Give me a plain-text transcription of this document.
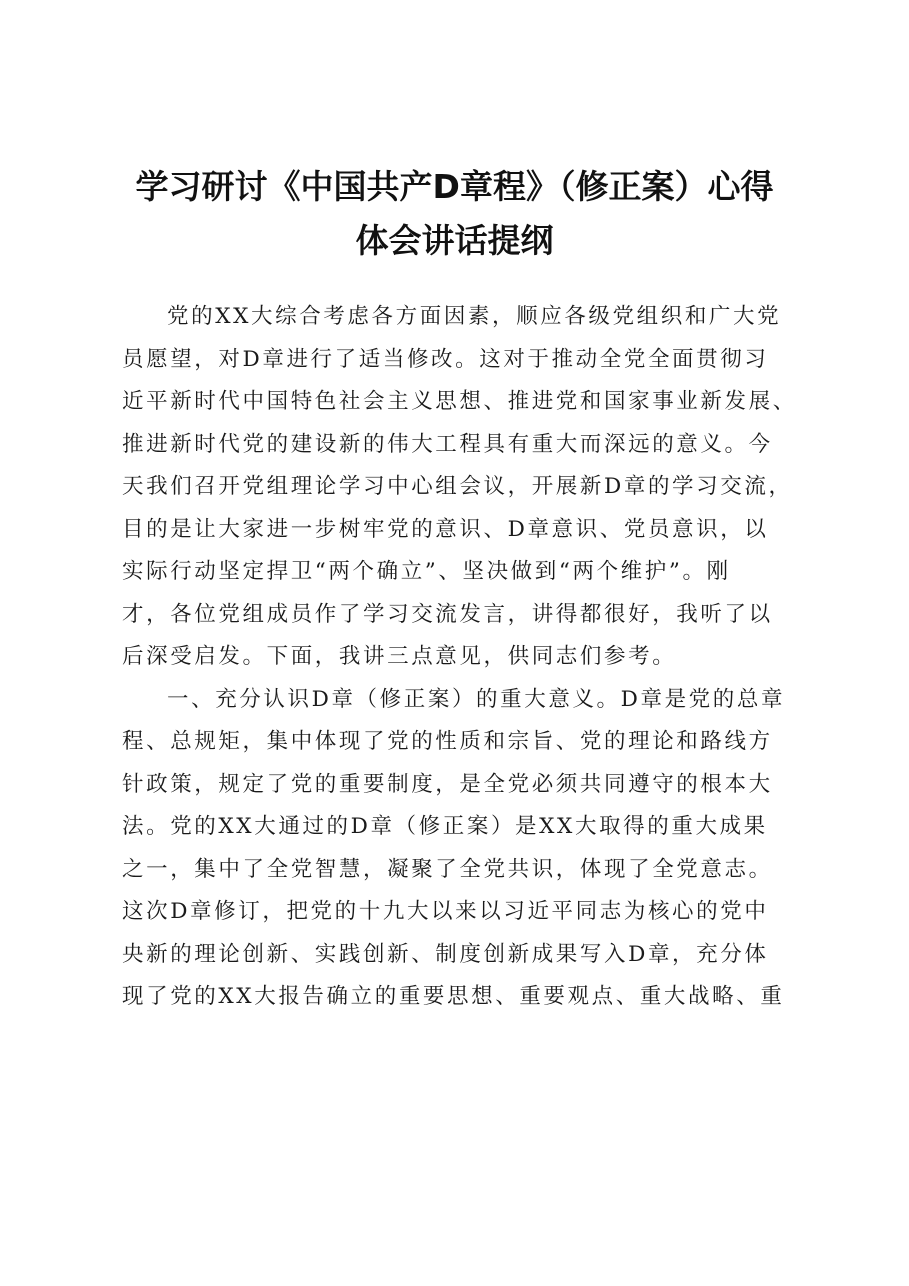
学习研讨《中国共产D章程》（修正案）心得
体会讲话提纲
党的XX大综合考虑各方面因素，顺应各级党组织和广大党
员愿望，对D章进行了适当修改。这对于推动全党全面贯彻习
近平新时代中国特色社会主义思想、推进党和国家事业新发展、
推进新时代党的建设新的伟大工程具有重大而深远的意义。今
天我们召开党组理论学习中心组会议，开展新D章的学习交流，
目的是让大家进一步树牢党的意识、D章意识、党员意识，以
实际行动坚定捍卫“两个确立”、坚决做到“两个维护”。刚
才，各位党组成员作了学习交流发言，讲得都很好，我听了以
后深受启发。下面，我讲三点意见，供同志们参考。
一、充分认识D章（修正案）的重大意义。D章是党的总章
程、总规矩，集中体现了党的性质和宗旨、党的理论和路线方
针政策，规定了党的重要制度，是全党必须共同遵守的根本大
法。党的XX大通过的D章（修正案）是XX大取得的重大成果
之一，集中了全党智慧，凝聚了全党共识，体现了全党意志。
这次D章修订，把党的十九大以来以习近平同志为核心的党中
央新的理论创新、实践创新、制度创新成果写入D章，充分体
现了党的XX大报告确立的重要思想、重要观点、重大战略、重
